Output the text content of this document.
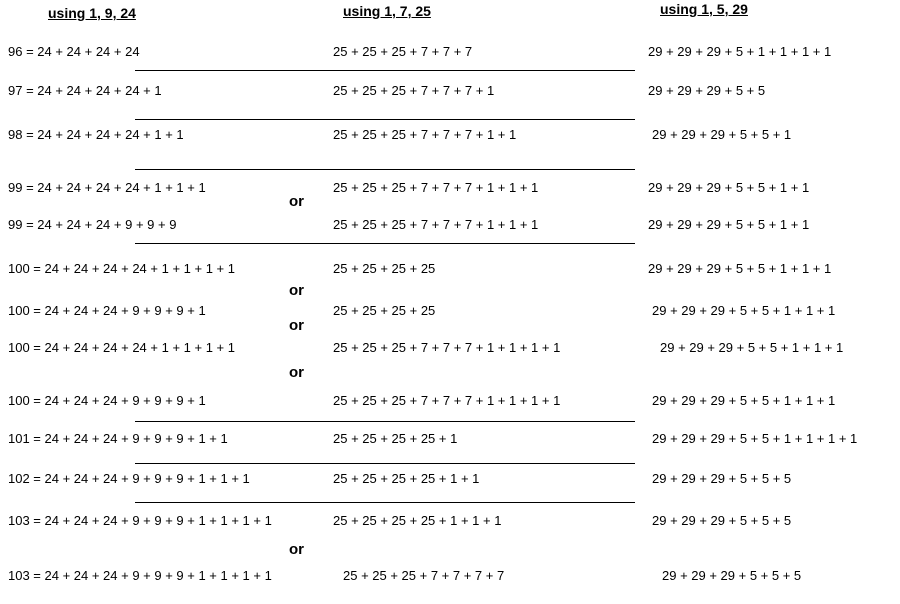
using 1, 9, 24	using 1, 7, 25	using 1, 5, 29
96 = 24 + 24 + 24 + 24	25 + 25 + 25 + 7 + 7 + 7	29 + 29 + 29 + 5 + 1 + 1 + 1 + 1
97 = 24 + 24 + 24 + 24 + 1	25 + 25 + 25 + 7 + 7 + 7 + 1	29 + 29 + 29 + 5 + 5
98 = 24 + 24 + 24 + 24 + 1 + 1	25 + 25 + 25 + 7 + 7 + 7 + 1 + 1	29 + 29 + 29 + 5 + 5 + 1
99 = 24 + 24 + 24 + 24 + 1 + 1 + 1	25 + 25 + 25 + 7 + 7 + 7 + 1 + 1 + 1	29 + 29 + 29 + 5 + 5 + 1 + 1
or
99 = 24 + 24 + 24 + 9 + 9 + 9	25 + 25 + 25 + 7 + 7 + 7 + 1 + 1 + 1	29 + 29 + 29 + 5 + 5 + 1 + 1
100 = 24 + 24 + 24 + 24 + 1 + 1 + 1 + 1	25 + 25 + 25 + 25	29 + 29 + 29 + 5 + 5 + 1 + 1 + 1
or
100 = 24 + 24 + 24 + 9 + 9 + 9 + 1	25 + 25 + 25 + 25	29 + 29 + 29 + 5 + 5 + 1 + 1 + 1
or
100 = 24 + 24 + 24 + 24 + 1 + 1 + 1 + 1	25 + 25 + 25 + 7 + 7 + 7 + 1 + 1 + 1 + 1	29 + 29 + 29 + 5 + 5 + 1 + 1 + 1
or
100 = 24 + 24 + 24 + 9 + 9 + 9 + 1	25 + 25 + 25 + 7 + 7 + 7 + 1 + 1 + 1 + 1	29 + 29 + 29 + 5 + 5 + 1 + 1 + 1
101 = 24 + 24 + 24 + 9 + 9 + 9 + 1 + 1	25 + 25 + 25 + 25 + 1	29 + 29 + 29 + 5 + 5 + 1 + 1 + 1 + 1
102 = 24 + 24 + 24 + 9 + 9 + 9 + 1 + 1 + 1	25 + 25 + 25 + 25 + 1 + 1	29 + 29 + 29 + 5 + 5 + 5
103 = 24 + 24 + 24 + 9 + 9 + 9 + 1 + 1 + 1 + 1	25 + 25 + 25 + 25 + 1 + 1 + 1	29 + 29 + 29 + 5 + 5 + 5
or
103 = 24 + 24 + 24 + 9 + 9 + 9 + 1 + 1 + 1 + 1	25 + 25 + 25 + 7 + 7 + 7 + 7	29 + 29 + 29 + 5 + 5 + 5
